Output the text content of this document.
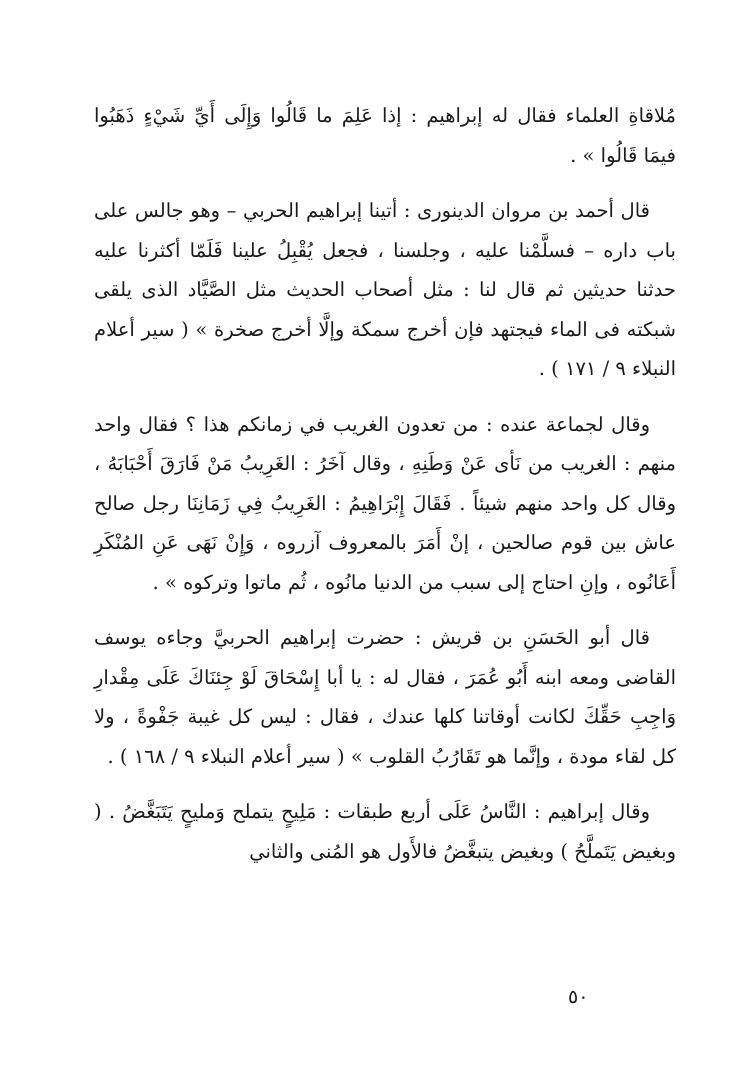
مُلاقاةِ العلماء فقال له إبراهيم : إذا عَلِمَ ما قَالُوا وَإِلَى أَيِّ شَيْءٍ ذَهَبُوا فيمَا قَالُوا » .

قال أحمد بن مروان الدينورى : أتينا إبراهيم الحربي – وهو جالس على باب داره – فسلَّمْنا عليه ، وجلسنا ، فجعل يُقْبِلُ علينا فَلَمّا أكثرنا عليه حدثنا حديثين ثم قال لنا : مثل أصحاب الحديث مثل الصَّيَّاد الذى يلقى شبكته فى الماء فيجتهد فإن أخرج سمكة وإلَّا أخرج صخرة » ( سير أعلام النبلاء ٩ / ١٧١ ) .

وقال لجماعة عنده : من تعدون الغريب في زمانكم هذا ؟ فقال واحد منهم : الغريب من نَأى عَنْ وَطَنِهِ ، وقال آخَرُ : الغَرِيبُ مَنْ فَارَقَ أَحْبَابَهُ ، وقال كل واحد منهم شيئاً . فَقَالَ إِبْرَاهِيمُ : الغَرِيبُ فِي زَمَانِنَا رجل صالح عاش بين قوم صالحين ، إنْ أَمَرَ بالمعروف آزروه ، وَإِنْ نَهَى عَنِ المُنْكَرِ أَعَانُوه ، وإنِ احتاج إلى سبب من الدنيا مانُوه ، ثُم ماتوا وتركوه » .

قال أبو الحَسَنِ بن قريش : حضرت إبراهيم الحربيَّ وجاءه يوسف القاضى ومعه ابنه أَبُو عُمَرَ ، فقال له : يا أبا إِسْحَاقَ لَوْ جِئنَاكَ عَلَى مِقْدارِ وَاجِبِ حَقِّكَ لكانت أوقاتنا كلها عندك ، فقال : ليس كل غيبة جَفْوةً ، ولا كل لقاء مودة ، وإنَّما هو تَقَارُبُ القلوب » ( سير أعلام النبلاء ٩ / ١٦٨ ) .

وقال إبراهيم : النَّاسُ عَلَى أربع طبقات : مَلِيحٍ يتملح وَمليحٍ يَتَبَغَّضُ . ( وبغيض يَتَملَّحُ ) وبغيض يتبغَّضُ فالأَول هو المُنى والثاني

٥٠
